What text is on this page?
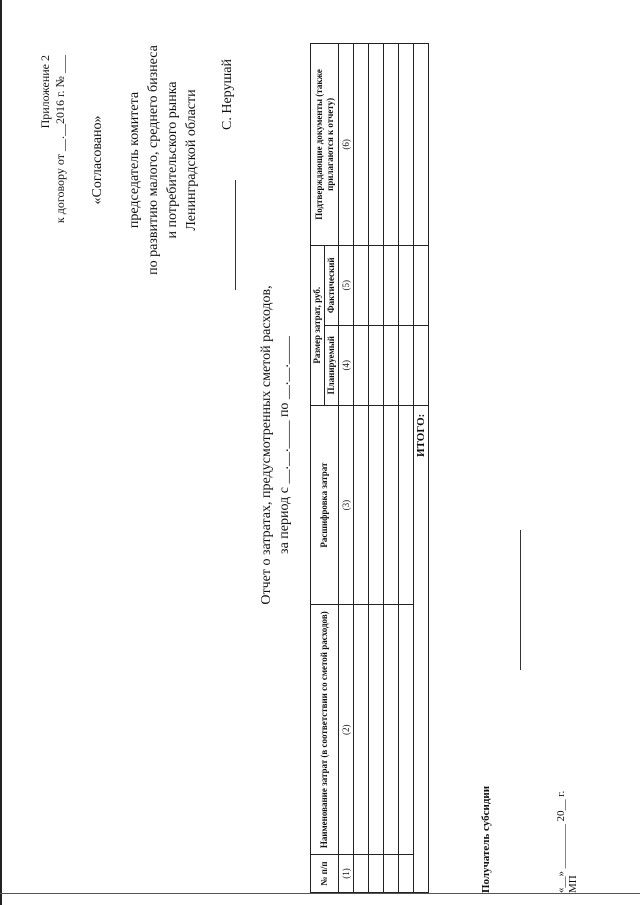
Приложение 2 к договору от __.__2016 г. № ___ «Согласовано» председатель комитета по развитию малого, среднего бизнеса и потребительского рынка Ленинградской области С. Нерушай
Отчет о затратах, предусмотренных сметой расходов, за период с __.__.____ по __.__.____
№ п/п	Наименование затрат (в соответствии со сметой расходов)	Расшифровка затрат	Размер затрат, руб.		Подтверждающие документы (также прилагаются к отчету)
			Планируемый	Фактический	
(1)	(2)	(3)	(4)	(5)	(6)

ИТОГО:					
Получатель субсидии	«__» ________ 20__ г. МП
